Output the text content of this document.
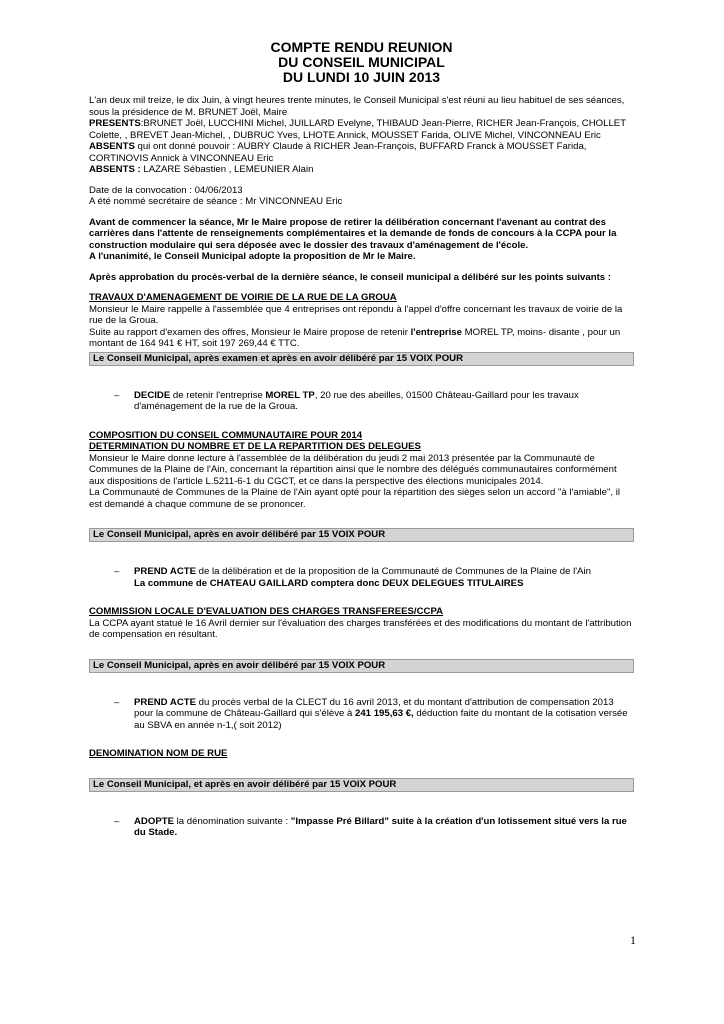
COMPTE RENDU REUNION
DU CONSEIL MUNICIPAL
DU LUNDI 10 JUIN 2013

L'an deux mil treize, le dix Juin, à vingt heures trente minutes, le Conseil Municipal s'est réuni au lieu habituel de ses séances, sous la présidence de M. BRUNET Joël, Maire

PRESENTS:BRUNET Joël, LUCCHINI Michel, JUILLARD Evelyne, THIBAUD Jean-Pierre, RICHER Jean-François, CHOLLET Colette, , BREVET Jean-Michel, , DUBRUC Yves, LHOTE Annick, MOUSSET Farida, OLIVE Michel, VINCONNEAU Eric

ABSENTS qui ont donné pouvoir : AUBRY Claude à RICHER Jean-François, BUFFARD Franck à MOUSSET Farida, CORTINOVIS Annick à VINCONNEAU Eric

ABSENTS : LAZARE Sébastien , LEMEUNIER Alain

Date de la convocation : 04/06/2013

A été nommé secrétaire de séance : Mr VINCONNEAU Eric

Avant de commencer la séance, Mr le Maire propose de retirer la délibération concernant l'avenant au contrat des carrières dans l'attente de renseignements complémentaires et la demande de fonds de concours à la CCPA pour la construction modulaire qui sera déposée avec le dossier des travaux d'aménagement de l'école.

A l'unanimité, le Conseil Municipal adopte la proposition de Mr le Maire.

Après approbation du procès-verbal de la dernière séance, le conseil municipal a délibéré sur les points suivants :

TRAVAUX D'AMENAGEMENT DE VOIRIE DE LA RUE DE LA GROUA

Monsieur le Maire rappelle à l'assemblée que 4 entreprises ont répondu à l'appel d'offre concernant les travaux de voirie de la rue de la Groua.

Suite au rapport d'examen des offres, Monsieur le Maire propose de retenir l'entreprise MOREL TP, moins- disante , pour un montant de 164 941 € HT, soit 197 269,44 € TTC.

Le Conseil Municipal, après examen et après en avoir délibéré par 15 VOIX POUR
– DECIDE de retenir l'entreprise MOREL TP, 20 rue des abeilles, 01500 Château-Gaillard pour les travaux d'aménagement de la rue de la Groua.

COMPOSITION DU CONSEIL COMMUNAUTAIRE POUR 2014

DETERMINATION DU NOMBRE ET DE LA REPARTITION DES DELEGUES

Monsieur le Maire donne lecture à l'assemblée de la délibération du jeudi 2 mai 2013 présentée par la Communauté de Communes de la Plaine de l'Ain, concernant la répartition ainsi que le nombre des délégués communautaires conformément aux dispositions de l'article L.5211-6-1 du CGCT, et ce dans la perspective des élections municipales 2014.

La Communauté de Communes de la Plaine de l'Ain ayant opté pour la répartition des sièges selon un accord "à l'amiable", il est demandé à chaque commune de se prononcer.

Le Conseil Municipal, après en avoir délibéré par 15 VOIX POUR
– PREND ACTE de la délibération et de la proposition de la Communauté de Communes de la Plaine de l'Ain
La commune de CHATEAU GAILLARD comptera donc DEUX DELEGUES TITULAIRES

COMMISSION LOCALE D'EVALUATION DES CHARGES TRANSFEREES/CCPA

La CCPA ayant statué le 16 Avril dernier sur l'évaluation des charges transférées et des modifications du montant de l'attribution de compensation en résultant.

Le Conseil Municipal, après en avoir délibéré par 15 VOIX POUR
– PREND ACTE du procès verbal de la CLECT du 16 avril 2013, et du montant d'attribution de compensation 2013 pour la commune de Château-Gaillard qui s'élève à 241 195,63 €, déduction faite du montant de la cotisation versée au SBVA en année n-1,( soit 2012)

DENOMINATION NOM DE RUE

Le Conseil Municipal, et après en avoir délibéré par 15 VOIX POUR
– ADOPTE la dénomination suivante : "Impasse Pré Billard" suite à la création d'un lotissement situé vers la rue du Stade.
1
